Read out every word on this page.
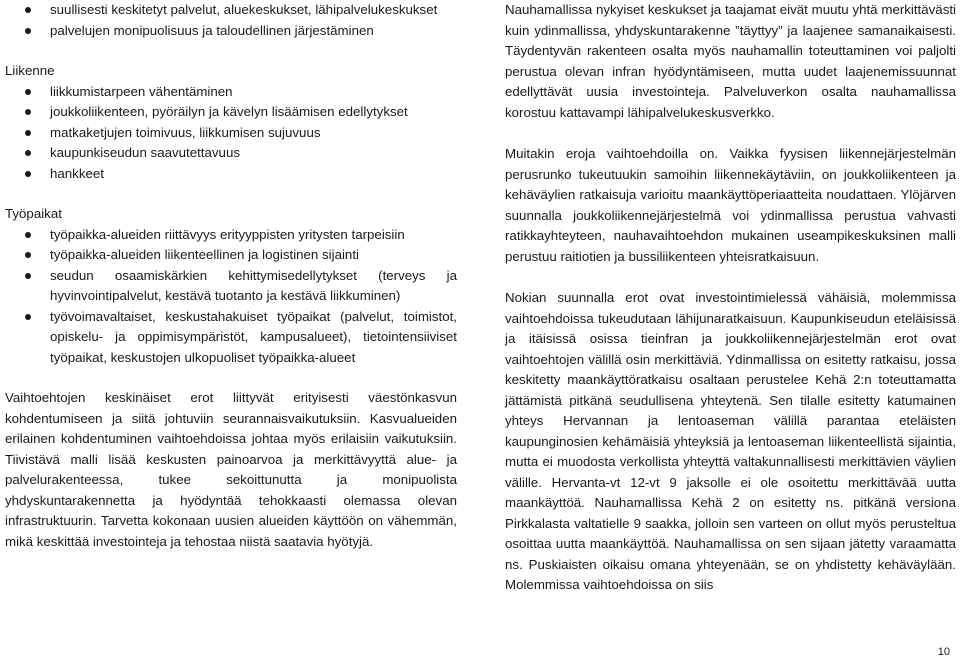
suullisesti keskitetyt palvelut, aluekeskukset, lähipalvelukeskukset
palvelujen monipuolisuus ja taloudellinen järjestäminen
Liikenne
liikkumistarpeen vähentäminen
joukkoliikenteen, pyöräilyn ja kävelyn lisäämisen edellytykset
matkaketjujen toimivuus, liikkumisen sujuvuus
kaupunkiseudun saavutettavuus
hankkeet
Työpaikat
työpaikka-alueiden riittävyys erityyppisten yritysten tarpeisiin
työpaikka-alueiden liikenteellinen ja logistinen sijainti
seudun osaamiskärkien kehittymisedellytykset (terveys ja hyvinvointipalvelut, kestävä tuotanto ja kestävä liikkuminen)
työvoimavaltaiset, keskustahakuiset työpaikat (palvelut, toimistot, opiskelu- ja oppimisympäristöt, kampusalueet), tietointensiiviset työpaikat, keskustojen ulkopuoliset työpaikka-alueet

Vaihtoehtojen keskinäiset erot liittyvät erityisesti väestönkasvun kohdentumiseen ja siitä johtuviin seurannaisvaikutuksiin. Kasvualueiden erilainen kohdentuminen vaihtoehdoissa johtaa myös erilaisiin vaikutuksiin. Tiivistävä malli lisää keskusten painoarvoa ja merkittävyyttä alue- ja palvelurakenteessa, tukee sekoittunutta ja monipuolista yhdyskuntarakennetta ja hyödyntää tehokkaasti olemassa olevan infrastruktuurin. Tarvetta kokonaan uusien alueiden käyttöön on vähemmän, mikä keskittää investointeja ja tehostaa niistä saatavia hyötyjä.

Nauhamallissa nykyiset keskukset ja taajamat eivät muutu yhtä merkittävästi kuin ydinmallissa, yhdyskuntarakenne ”täyttyy” ja laajenee samanaikaisesti. Täydentyvän rakenteen osalta myös nauhamallin toteuttaminen voi paljolti perustua olevan infran hyödyntämiseen, mutta uudet laajenemissuunnat edellyttävät uusia investointeja. Palveluverkon osalta nauhamallissa korostuu kattavampi lähipalvelukeskusverkko.

Muitakin eroja vaihtoehdoilla on. Vaikka fyysisen liikennejärjestelmän perusrunko tukeutuukin samoihin liikennekäytäviin, on joukkoliikenteen ja kehäväylien ratkaisuja varioitu maankäyttöperiaatteita noudattaen. Ylöjärven suunnalla joukkoliikennejärjestelmä voi ydinmallissa perustua vahvasti ratikkayhteyteen, nauhavaihtoehdon mukainen useampikeskuksinen malli perustuu raitiotien ja bussiliikenteen yhteisratkaisuun.

Nokian suunnalla erot ovat investointimielessä vähäisiä, molemmissa vaihtoehdoissa tukeudutaan lähijunaratkaisuun. Kaupunkiseudun eteläisissä ja itäisissä osissa tieinfran ja joukkoliikennejärjestelmän erot ovat vaihtoehtojen välillä osin merkittäviä. Ydinmallissa on esitetty ratkaisu, jossa keskitetty maankäyttöratkaisu osaltaan perustelee Kehä 2:n toteuttamatta jättämistä pitkänä seudullisena yhteytenä. Sen tilalle esitetty katumainen yhteys Hervannan ja lentoaseman välillä parantaa eteläisten kaupunginosien kehämäisiä yhteyksiä ja lentoaseman liikenteellistä sijaintia, mutta ei muodosta verkollista yhteyttä valtakunnallisesti merkittävien väylien välille. Hervanta-vt 12-vt 9 jaksolle ei ole osoitettu merkittävää uutta maankäyttöä. Nauhamallissa Kehä 2 on esitetty ns. pitkänä versiona Pirkkalasta valtatielle 9 saakka, jolloin sen varteen on ollut myös perusteltua osoittaa uutta maankäyttöä. Nauhamallissa on sen sijaan jätetty varaamatta ns. Puskiaisten oikaisu omana yhteyenään, se on yhdistetty kehäväylään. Molemmissa vaihtoehdoissa on siis

10
